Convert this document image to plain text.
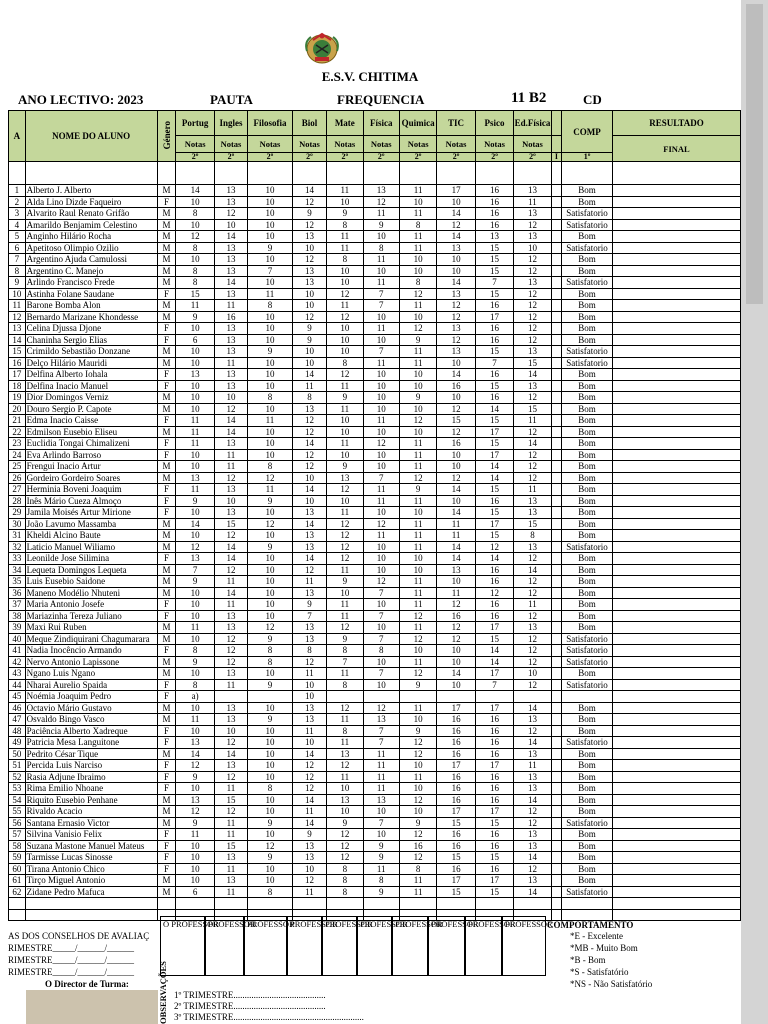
E.S.V. CHITIMA
ANO LECTIVO: 2023	PAUTA	FREQUENCIA	11 B2	CD
A	NOME DO ALUNO	Género	Portug	Ingles	Filosofia	Biol	Mate	Física	Quimica	TIC	Psico	Ed.Física		COMP	RESULTADO
			Notas	Notas	Notas	Notas	Notas	Notas	Notas	Notas	Notas	Notas			FINAL
			2º	2º	2º	2º	2º	2º	2º	2º	2º	2º	I	1º	

1	Alberto J. Alberto	M	14	13	10	14	11	13	11	17	16	13		Bom	
2	Alda Lino Dizde Faqueiro	F	10	13	10	12	10	12	10	10	16	11		Bom	
3	Alvarito Raul Renato Grifão	M	8	12	10	9	9	11	11	14	16	13		Satisfatorio	
4	Amarildo Benjamim Celestino	M	10	10	10	12	8	9	8	12	16	12		Satisfatorio	
5	Anginho Hilário Rocha	M	12	14	10	13	11	10	11	14	13	13		Bom	
6	Apetitoso Olimpio Ozilio	M	8	13	9	10	11	8	11	13	15	10		Satisfatorio	
7	Argentino Ajuda Camulossi	M	10	13	10	12	8	11	10	10	15	12		Bom	
8	Argentino C. Manejo	M	8	13	7	13	10	10	10	10	15	12		Bom	
9	Arlindo Francisco Frede	M	8	14	10	13	10	11	8	14	7	13		Satisfatorio	
10	Astinha Folane Saudane	F	15	13	11	10	12	7	12	13	15	12		Bom	
11	Barone Bomba Alon	M	11	11	8	10	11	7	11	12	16	12		Bom	
12	Bernardo Marizane Khondesse	M	9	16	10	12	12	10	10	12	17	12		Bom	
13	Celina Djussa Djone	F	10	13	10	9	10	11	12	13	16	12		Bom	
14	Chaninha Sergio Elias	F	6	13	10	9	10	10	9	12	16	12		Bom	
15	Crimildo Sebastião Donzane	M	10	13	9	10	10	7	11	13	15	13		Satisfatorio	
16	Delço Hilário Mauridi	M	10	11	10	10	8	11	11	10	7	15		Satisfatorio	
17	Delfina Alberto Iohala	F	13	13	10	14	12	10	10	14	16	14		Bom	
18	Delfina Inacio Manuel	F	10	13	10	11	11	10	10	16	15	13		Bom	
19	Dior Domingos Verniz	M	10	10	8	8	9	10	9	10	16	12		Bom	
20	Douro Sergio P. Capote	M	10	12	10	13	11	10	10	12	14	15		Bom	
21	Edma Inacio Caisse	F	11	14	11	12	10	11	12	15	15	11		Bom	
22	Edmilson Eusebio Eliseu	M	11	14	10	12	10	10	10	12	17	12		Bom	
23	Euclidia Tongai Chimalizeni	F	11	13	10	14	11	12	11	16	15	14		Bom	
24	Eva Arlindo Barroso	F	10	11	10	12	10	10	11	10	17	12		Bom	
25	Frengui Inacio Artur	M	10	11	8	12	9	10	11	10	14	12		Bom	
26	Gordeiro Gordeiro Soares	M	13	12	12	10	13	7	12	12	14	12		Bom	
27	Herminia Boveni Joaquim	F	11	13	11	14	12	11	9	14	15	11		Bom	
28	Inês Mário Cueza Almoço	F	9	10	9	10	10	11	11	10	16	13		Bom	
29	Jamila Moisés Artur Mirione	F	10	13	10	13	11	10	10	14	15	13		Bom	
30	João Lavumo Massamba	M	14	15	12	14	12	12	11	11	17	15		Bom	
31	Kheldi Alcino Baute	M	10	12	10	13	12	11	11	11	15	8		Bom	
32	Laticio Manuel Wiliamo	M	12	14	9	13	12	10	11	14	12	13		Satisfatorio	
33	Leonilde Jose Silimina	F	13	14	10	14	12	10	10	14	14	12		Bom	
34	Lequeta Domingos Lequeta	M	7	12	10	12	11	10	10	13	16	14		Bom	
35	Luis Eusebio Saidone	M	9	11	10	11	9	12	11	10	16	12		Bom	
36	Maneno Modélio Nhuteni	M	10	14	10	13	10	7	11	11	12	12		Bom	
37	Maria Antonio Josefe	F	10	11	10	9	11	10	11	12	16	11		Bom	
38	Mariazinha Tereza Juliano	F	10	13	10	7	11	7	12	16	16	12		Bom	
39	Maxi Rui Ruben	M	11	13	12	13	12	10	11	12	17	13		Bom	
40	Meque Zindiquirani Chagumarara	M	10	12	9	13	9	7	12	12	15	12		Satisfatorio	
41	Nadia Inocêncio Armando	F	8	12	8	8	8	8	10	10	14	12		Satisfatorio	
42	Nervo Antonio Lapissone	M	9	12	8	12	7	10	11	10	14	12		Satisfatorio	
43	Ngano Luis Ngano	M	10	13	10	11	11	7	12	14	17	10		Bom	
44	Nharai Aurelio Spaida	F	8	11	9	10	8	10	9	10	7	12		Satisfatorio	
45	Noémia Joaquim Pedro	F	a)			10									
46	Octavio Mário Gustavo	M	10	13	10	13	12	12	11	17	17	14		Bom	
47	Osvaldo Bingo Vasco	M	11	13	9	13	11	13	10	16	16	13		Bom	
48	Paciência Alberto Xadreque	F	10	10	10	11	8	7	9	16	16	12		Bom	
49	Patricia Mesa Languitone	F	13	12	10	10	11	7	12	16	16	14		Satisfatorio	
50	Pedrito César Tique	M	14	14	10	14	13	11	12	16	16	13		Bom	
51	Percida Luis Narciso	F	12	13	10	12	12	11	10	17	17	11		Bom	
52	Rasia Adjune Ibraimo	F	9	12	10	12	11	11	11	16	16	13		Bom	
53	Rima Emilio Nhoane	F	10	11	8	12	10	11	10	16	16	13		Bom	
54	Riquito Eusebio Penhane	M	13	15	10	14	13	13	12	16	16	14		Bom	
55	Rivaldo Acacio	M	12	12	10	11	10	10	10	17	17	12		Bom	
56	Santana Ernasio Victor	M	9	11	9	14	9	7	9	15	15	12		Satisfatorio	
57	Silvina Vanisio Felix	F	11	11	10	9	12	10	12	16	16	13		Bom	
58	Suzana Mastone Manuel Mateus	F	10	15	12	13	12	9	16	16	16	13		Bom	
59	Tarmisse Lucas Sinosse	F	10	13	9	13	12	9	12	15	15	14		Bom	
60	Tirana Antonio Chico	F	10	11	10	10	8	11	8	16	16	12		Bom	
61	Tirço Miguel Antonio	M	10	13	10	12	8	8	11	17	17	13		Bom	
62	Zidane Pedro Mafuca	M	6	11	8	11	8	9	11	15	15	14		Satisfatorio	

AS DOS CONSELHOS DE AVALIAÇ
RIMESTRE_____/______/______
RIMESTRE_____/______/______
RIMESTRE_____/______/______
O Director de Turma:
O PROFESSOR
PROFESSOR
PROFESSOR
PROFESSOR
PROFESSOR
PROFESSOR
PROFESSOR
PROFESSOR
PROFESSOR
PROFESSOR
OBSERVAÇÕES 1º TRIMESTRE.........................................
2º TRIMESTRE.........................................
3º TRIMESTRE..........................................................
COMPORTAMENTO
*E - Excelente
*MB - Muito Bom
*B - Bom
*S - Satisfatório
*NS - Não Satisfatório
